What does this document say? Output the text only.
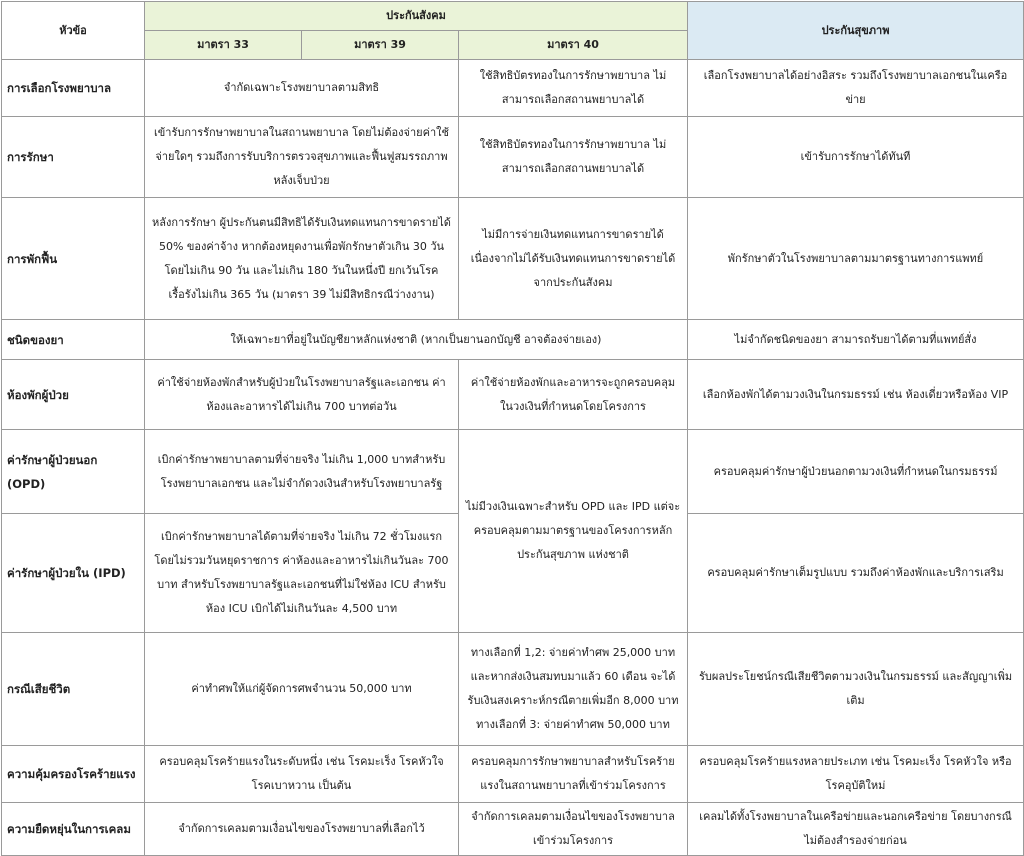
หัวข้อ	ประกันสังคม			ประกันสุขภาพ
	มาตรา 33	มาตรา 39	มาตรา 40	
การเลือกโรงพยาบาล	จำกัดเฉพาะโรงพยาบาลตามสิทธิ		ใช้สิทธิบัตรทองในการรักษาพยาบาล ไม่สามารถเลือกสถานพยาบาลได้	เลือกโรงพยาบาลได้อย่างอิสระ รวมถึงโรงพยาบาลเอกชนในเครือข่าย
การรักษา	เข้ารับการรักษาพยาบาลในสถานพยาบาล โดยไม่ต้องจ่ายค่าใช้จ่ายใดๆ รวมถึงการรับบริการตรวจสุขภาพและฟื้นฟูสมรรถภาพหลังเจ็บป่วย		ใช้สิทธิบัตรทองในการรักษาพยาบาล ไม่สามารถเลือกสถานพยาบาลได้	เข้ารับการรักษาได้ทันที
การพักฟื้น	หลังการรักษา ผู้ประกันตนมีสิทธิได้รับเงินทดแทนการขาดรายได้ 50% ของค่าจ้าง หากต้องหยุดงานเพื่อพักรักษาตัวเกิน 30 วัน โดยไม่เกิน 90 วัน และไม่เกิน 180 วันในหนึ่งปี ยกเว้นโรคเรื้อรังไม่เกิน 365 วัน (มาตรา 39 ไม่มีสิทธิกรณีว่างงาน)		ไม่มีการจ่ายเงินทดแทนการขาดรายได้ เนื่องจากไม่ได้รับเงินทดแทนการขาดรายได้จากประกันสังคม	พักรักษาตัวในโรงพยาบาลตามมาตรฐานทางการแพทย์
ชนิดของยา	ให้เฉพาะยาที่อยู่ในบัญชียาหลักแห่งชาติ (หากเป็นยานอกบัญชี อาจต้องจ่ายเอง)			ไม่จำกัดชนิดของยา สามารถรับยาได้ตามที่แพทย์สั่ง
ห้องพักผู้ป่วย	ค่าใช้จ่ายห้องพักสำหรับผู้ป่วยในโรงพยาบาลรัฐและเอกชน ค่าห้องและอาหารได้ไม่เกิน 700 บาทต่อวัน		ค่าใช้จ่ายห้องพักและอาหารจะถูกครอบคลุมในวงเงินที่กำหนดโดยโครงการ	เลือกห้องพักได้ตามวงเงินในกรมธรรม์ เช่น ห้องเดี่ยวหรือห้อง VIP
ค่ารักษาผู้ป่วยนอก (OPD)	เบิกค่ารักษาพยาบาลตามที่จ่ายจริง ไม่เกิน 1,000 บาทสำหรับโรงพยาบาลเอกชน และไม่จำกัดวงเงินสำหรับโรงพยาบาลรัฐ		ไม่มีวงเงินเฉพาะสำหรับ OPD และ IPD แต่จะครอบคลุมตามมาตรฐานของโครงการหลักประกันสุขภาพ แห่งชาติ	ครอบคลุมค่ารักษาผู้ป่วยนอกตามวงเงินที่กำหนดในกรมธรรม์
ค่ารักษาผู้ป่วยใน (IPD)	เบิกค่ารักษาพยาบาลได้ตามที่จ่ายจริง ไม่เกิน 72 ชั่วโมงแรก โดยไม่รวมวันหยุดราชการ ค่าห้องและอาหารไม่เกินวันละ 700 บาท สำหรับโรงพยาบาลรัฐและเอกชนที่ไม่ใช่ห้อง ICU สำหรับห้อง ICU เบิกได้ไม่เกินวันละ 4,500 บาท			ครอบคลุมค่ารักษาเต็มรูปแบบ รวมถึงค่าห้องพักและบริการเสริม
กรณีเสียชีวิต	ค่าทำศพให้แก่ผู้จัดการศพจำนวน 50,000 บาท		ทางเลือกที่ 1,2: จ่ายค่าทำศพ 25,000 บาท และหากส่งเงินสมทบมาแล้ว 60 เดือน จะได้รับเงินสงเคราะห์กรณีตายเพิ่มอีก 8,000 บาท ทางเลือกที่ 3: จ่ายค่าทำศพ 50,000 บาท	รับผลประโยชน์กรณีเสียชีวิตตามวงเงินในกรมธรรม์ และสัญญาเพิ่มเติม
ความคุ้มครองโรคร้ายแรง	ครอบคลุมโรคร้ายแรงในระดับหนึ่ง เช่น โรคมะเร็ง โรคหัวใจ โรคเบาหวาน เป็นต้น		ครอบคลุมการรักษาพยาบาลสำหรับโรคร้ายแรงในสถานพยาบาลที่เข้าร่วมโครงการ	ครอบคลุมโรคร้ายแรงหลายประเภท เช่น โรคมะเร็ง โรคหัวใจ หรือโรคอุบัติใหม่
ความยืดหยุ่นในการเคลม	จำกัดการเคลมตามเงื่อนไขของโรงพยาบาลที่เลือกไว้		จำกัดการเคลมตามเงื่อนไขของโรงพยาบาลเข้าร่วมโครงการ	เคลมได้ทั้งโรงพยาบาลในเครือข่ายและนอกเครือข่าย โดยบางกรณีไม่ต้องสำรองจ่ายก่อน
